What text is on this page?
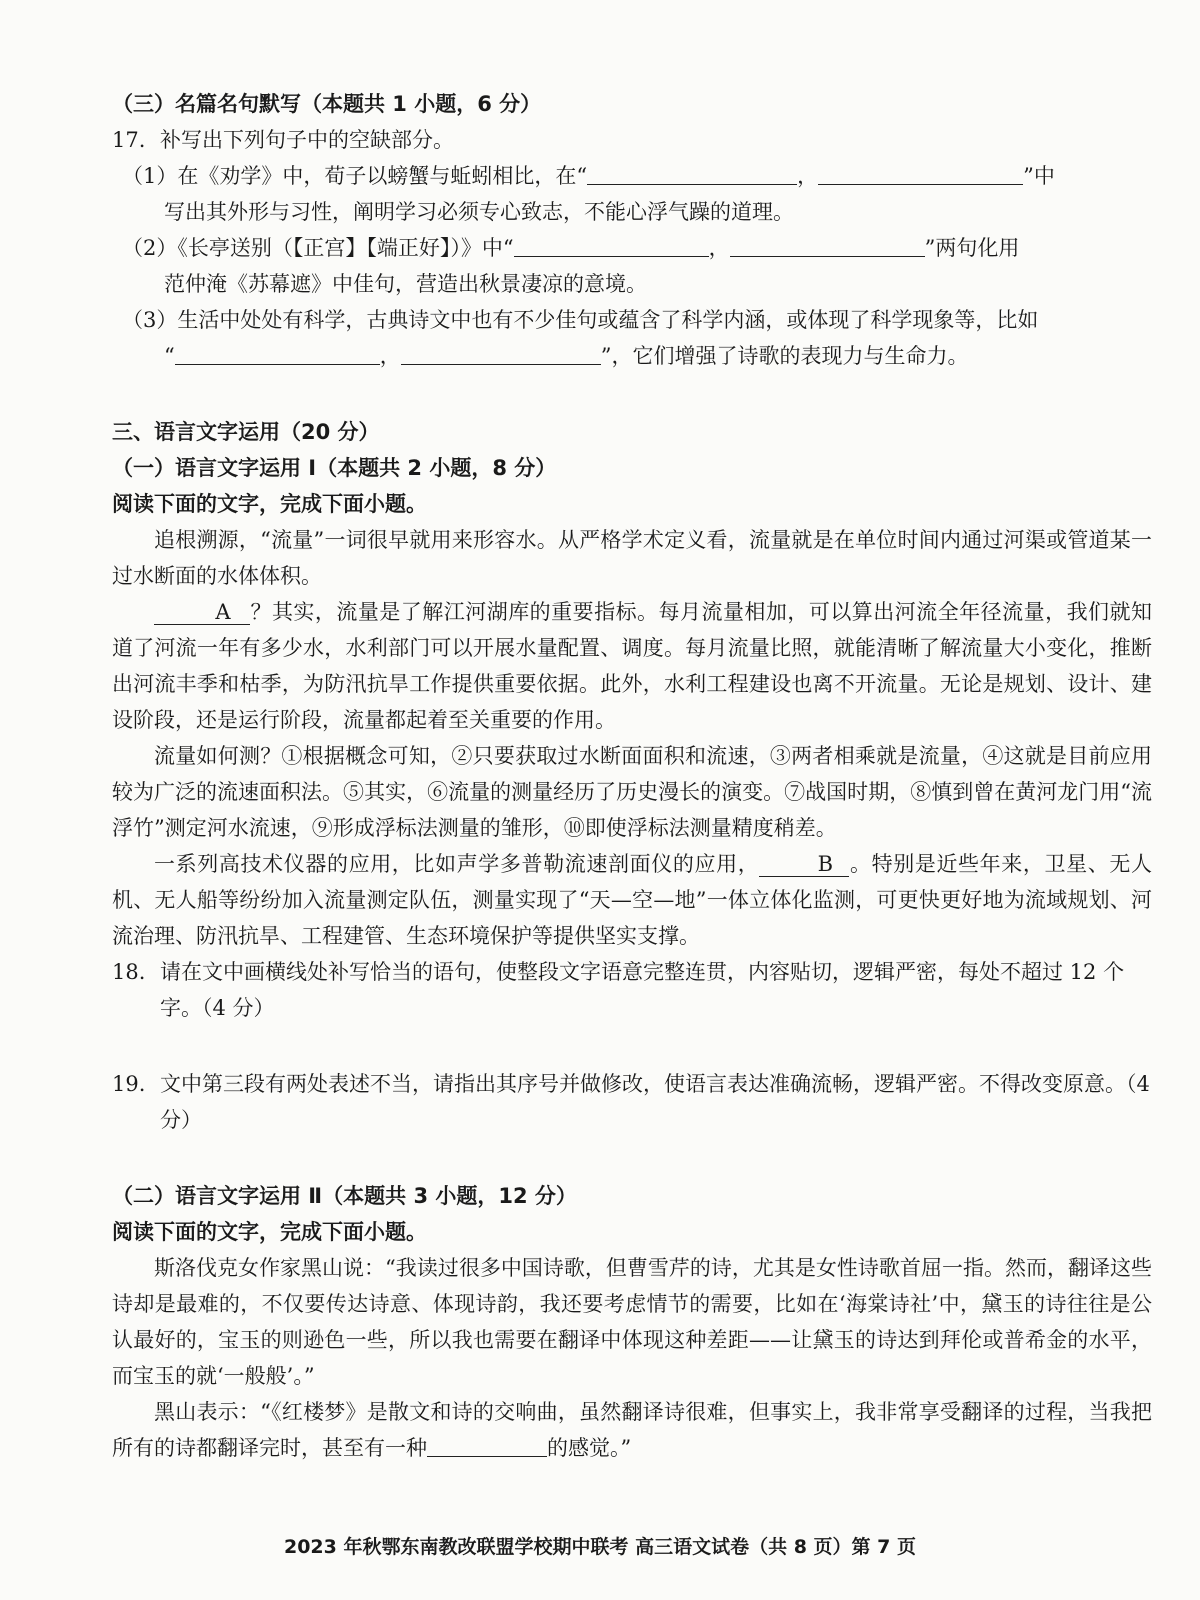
（三）名篇名句默写（本题共 1 小题，6 分）
17. 补写出下列句子中的空缺部分。
（1）在《劝学》中，荀子以螃蟹与蚯蚓相比，在“	，	”中
写出其外形与习性，阐明学习必须专心致志，不能心浮气躁的道理。
（2）《长亭送别（【正宫】【端正好】）》中“	，	”两句化用
范仲淹《苏幕遮》中佳句，营造出秋景凄凉的意境。
（3）生活中处处有科学，古典诗文中也有不少佳句或蕴含了科学内涵，或体现了科学现象等，比如
“	，	”，它们增强了诗歌的表现力与生命力。
三、语言文字运用（20 分）
（一）语言文字运用 Ⅰ（本题共 2 小题，8 分）
阅读下面的文字，完成下面小题。
追根溯源，“流量”一词很早就用来形容水。从严格学术定义看，流量就是在单位时间内通过河渠或管道某一过水断面的水体体积。
A ？其实，流量是了解江河湖库的重要指标。每月流量相加，可以算出河流全年径流量，我们就知道了河流一年有多少水，水利部门可以开展水量配置、调度。每月流量比照，就能清晰了解流量大小变化，推断出河流丰季和枯季，为防汛抗旱工作提供重要依据。此外，水利工程建设也离不开流量。无论是规划、设计、建设阶段，还是运行阶段，流量都起着至关重要的作用。
流量如何测？①根据概念可知，②只要获取过水断面面积和流速，③两者相乘就是流量，④这就是目前应用较为广泛的流速面积法。⑤其实，⑥流量的测量经历了历史漫长的演变。⑦战国时期，⑧慎到曾在黄河龙门用“流浮竹”测定河水流速，⑨形成浮标法测量的雏形，⑩即使浮标法测量精度稍差。
一系列高技术仪器的应用，比如声学多普勒流速剖面仪的应用，	B 。特别是近些年来，卫星、无人机、无人船等纷纷加入流量测定队伍，测量实现了“天—空—地”一体立体化监测，可更快更好地为流域规划、河流治理、防汛抗旱、工程建管、生态环境保护等提供坚实支撑。
18. 请在文中画横线处补写恰当的语句，使整段文字语意完整连贯，内容贴切，逻辑严密，每处不超过 12 个字。（4 分）
19. 文中第三段有两处表述不当，请指出其序号并做修改，使语言表达准确流畅，逻辑严密。不得改变原意。（4 分）
（二）语言文字运用 Ⅱ（本题共 3 小题，12 分）
阅读下面的文字，完成下面小题。
斯洛伐克女作家黑山说：“我读过很多中国诗歌，但曹雪芹的诗，尤其是女性诗歌首屈一指。然而，翻译这些诗却是最难的，不仅要传达诗意、体现诗韵，我还要考虑情节的需要，比如在‘海棠诗社’中，黛玉的诗往往是公认最好的，宝玉的则逊色一些，所以我也需要在翻译中体现这种差距——让黛玉的诗达到拜伦或普希金的水平，而宝玉的就‘一般般’。”
黑山表示：“《红楼梦》是散文和诗的交响曲，虽然翻译诗很难，但事实上，我非常享受翻译的过程，当我把所有的诗都翻译完时，甚至有一种	的感觉。”
2023 年秋鄂东南教改联盟学校期中联考 高三语文试卷（共 8 页）第 7 页
